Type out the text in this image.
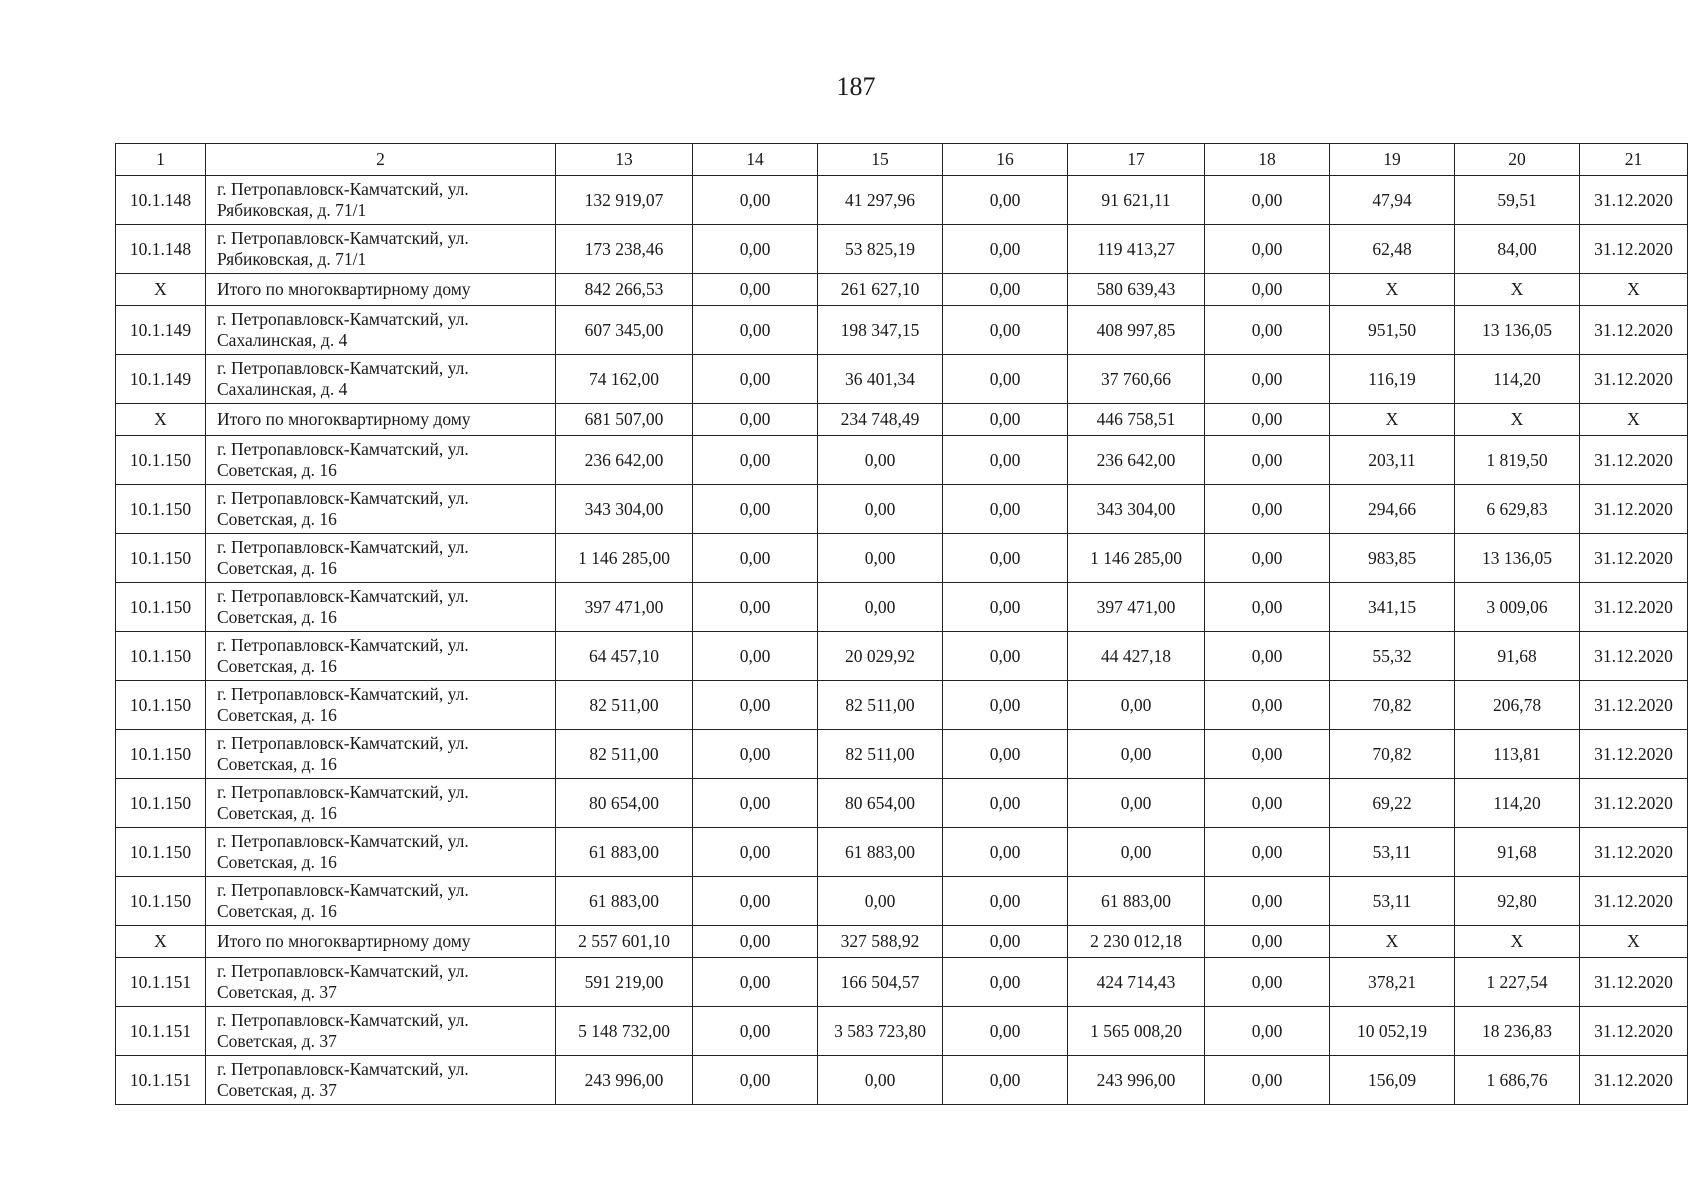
187
1	2	13	14	15	16	17	18	19	20	21
10.1.148	г. Петропавловск-Камчатский, ул. Рябиковская, д. 71/1	132 919,07	0,00	41 297,96	0,00	91 621,11	0,00	47,94	59,51	31.12.2020
10.1.148	г. Петропавловск-Камчатский, ул. Рябиковская, д. 71/1	173 238,46	0,00	53 825,19	0,00	119 413,27	0,00	62,48	84,00	31.12.2020
X	Итого по многоквартирному дому	842 266,53	0,00	261 627,10	0,00	580 639,43	0,00	X	X	X
10.1.149	г. Петропавловск-Камчатский, ул. Сахалинская, д. 4	607 345,00	0,00	198 347,15	0,00	408 997,85	0,00	951,50	13 136,05	31.12.2020
10.1.149	г. Петропавловск-Камчатский, ул. Сахалинская, д. 4	74 162,00	0,00	36 401,34	0,00	37 760,66	0,00	116,19	114,20	31.12.2020
X	Итого по многоквартирному дому	681 507,00	0,00	234 748,49	0,00	446 758,51	0,00	X	X	X
10.1.150	г. Петропавловск-Камчатский, ул. Советская, д. 16	236 642,00	0,00	0,00	0,00	236 642,00	0,00	203,11	1 819,50	31.12.2020
10.1.150	г. Петропавловск-Камчатский, ул. Советская, д. 16	343 304,00	0,00	0,00	0,00	343 304,00	0,00	294,66	6 629,83	31.12.2020
10.1.150	г. Петропавловск-Камчатский, ул. Советская, д. 16	1 146 285,00	0,00	0,00	0,00	1 146 285,00	0,00	983,85	13 136,05	31.12.2020
10.1.150	г. Петропавловск-Камчатский, ул. Советская, д. 16	397 471,00	0,00	0,00	0,00	397 471,00	0,00	341,15	3 009,06	31.12.2020
10.1.150	г. Петропавловск-Камчатский, ул. Советская, д. 16	64 457,10	0,00	20 029,92	0,00	44 427,18	0,00	55,32	91,68	31.12.2020
10.1.150	г. Петропавловск-Камчатский, ул. Советская, д. 16	82 511,00	0,00	82 511,00	0,00	0,00	0,00	70,82	206,78	31.12.2020
10.1.150	г. Петропавловск-Камчатский, ул. Советская, д. 16	82 511,00	0,00	82 511,00	0,00	0,00	0,00	70,82	113,81	31.12.2020
10.1.150	г. Петропавловск-Камчатский, ул. Советская, д. 16	80 654,00	0,00	80 654,00	0,00	0,00	0,00	69,22	114,20	31.12.2020
10.1.150	г. Петропавловск-Камчатский, ул. Советская, д. 16	61 883,00	0,00	61 883,00	0,00	0,00	0,00	53,11	91,68	31.12.2020
10.1.150	г. Петропавловск-Камчатский, ул. Советская, д. 16	61 883,00	0,00	0,00	0,00	61 883,00	0,00	53,11	92,80	31.12.2020
X	Итого по многоквартирному дому	2 557 601,10	0,00	327 588,92	0,00	2 230 012,18	0,00	X	X	X
10.1.151	г. Петропавловск-Камчатский, ул. Советская, д. 37	591 219,00	0,00	166 504,57	0,00	424 714,43	0,00	378,21	1 227,54	31.12.2020
10.1.151	г. Петропавловск-Камчатский, ул. Советская, д. 37	5 148 732,00	0,00	3 583 723,80	0,00	1 565 008,20	0,00	10 052,19	18 236,83	31.12.2020
10.1.151	г. Петропавловск-Камчатский, ул. Советская, д. 37	243 996,00	0,00	0,00	0,00	243 996,00	0,00	156,09	1 686,76	31.12.2020
